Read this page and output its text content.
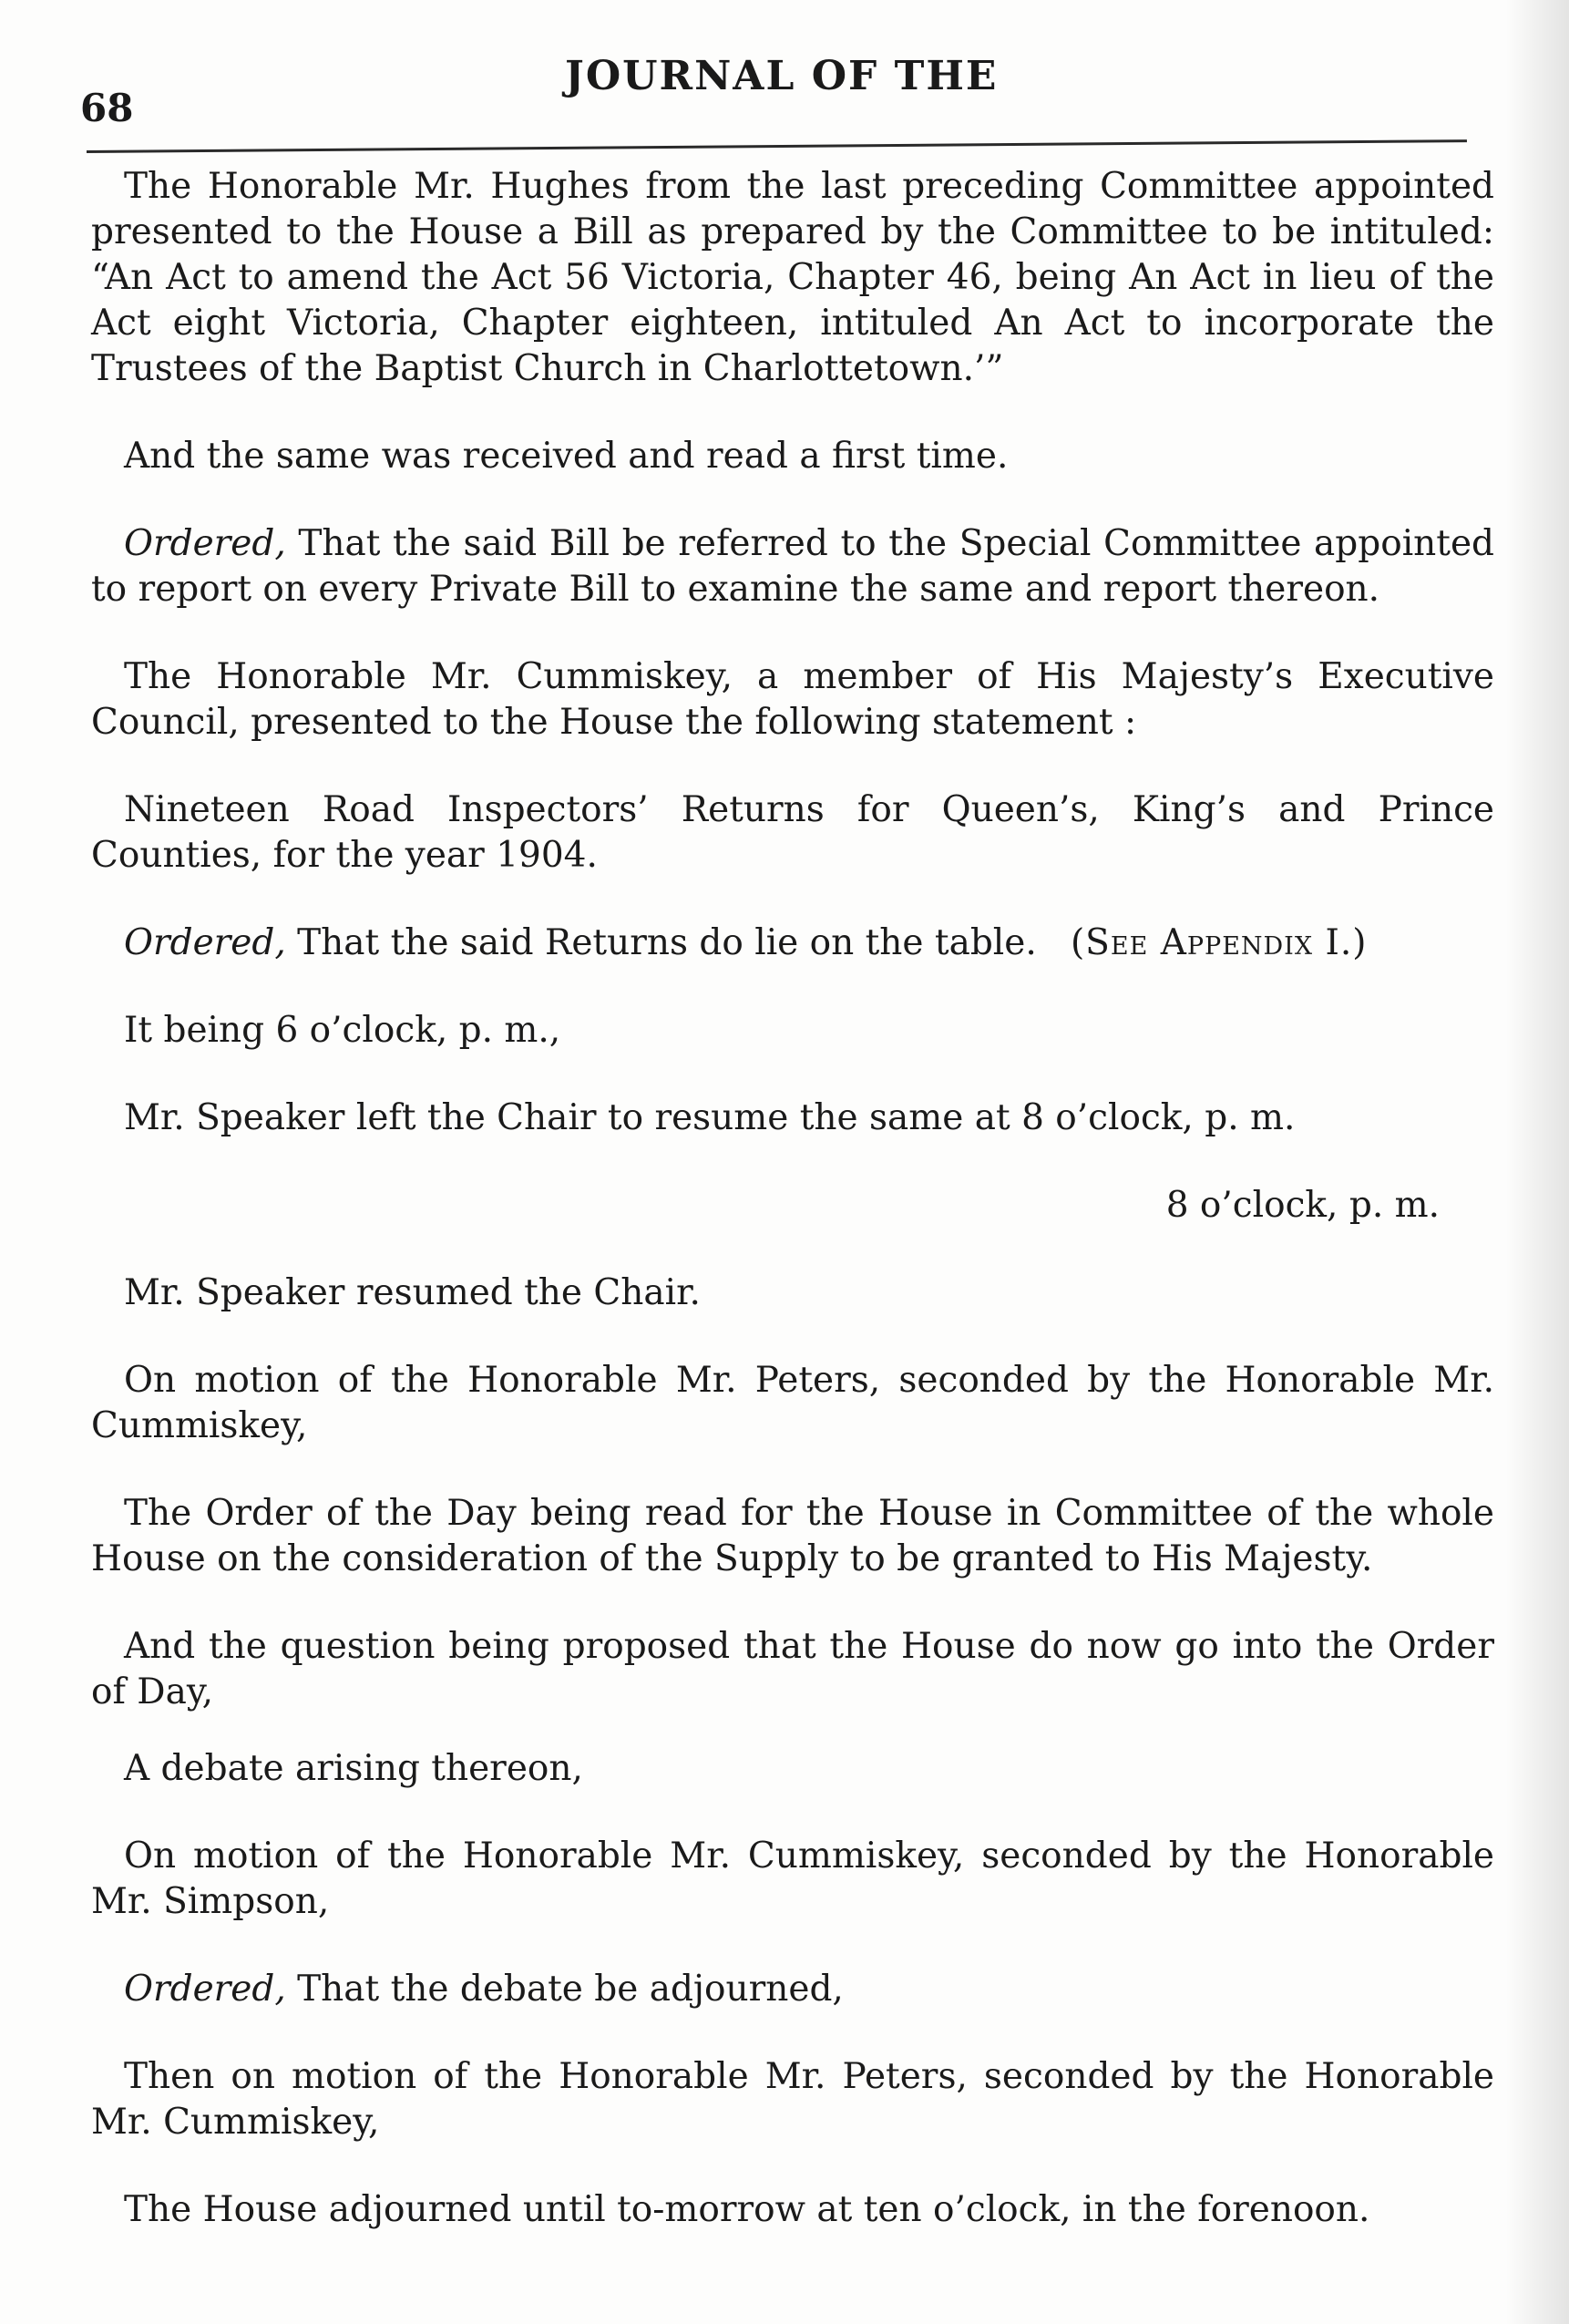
68
JOURNAL OF THE

The Honorable Mr. Hughes from the last preceding Committee appointed presented to the House a Bill as prepared by the Committee to be intituled: “An Act to amend the Act 56 Victoria, Chapter 46, being An Act in lieu of the Act eight Victoria, Chapter eighteen, intituled An Act to incorporate the Trustees of the Baptist Church in Charlottetown.’”

And the same was received and read a first time.

Ordered, That the said Bill be referred to the Special Committee appointed to report on every Private Bill to examine the same and report thereon.

The Honorable Mr. Cummiskey, a member of His Majesty’s Executive Council, presented to the House the following statement :

Nineteen Road Inspectors’ Returns for Queen’s, King’s and Prince Counties, for the year 1904.

Ordered, That the said Returns do lie on the table. (See Appendix I.)

It being 6 o’clock, p. m.,

Mr. Speaker left the Chair to resume the same at 8 o’clock, p. m.

8 o’clock, p. m.

Mr. Speaker resumed the Chair.

On motion of the Honorable Mr. Peters, seconded by the Honorable Mr. Cummiskey,

The Order of the Day being read for the House in Committee of the whole House on the consideration of the Supply to be granted to His Majesty.

And the question being proposed that the House do now go into the Order of Day,

A debate arising thereon,

On motion of the Honorable Mr. Cummiskey, seconded by the Honorable Mr. Simpson,

Ordered, That the debate be adjourned,

Then on motion of the Honorable Mr. Peters, seconded by the Honorable Mr. Cummiskey,

The House adjourned until to-morrow at ten o’clock, in the forenoon.
